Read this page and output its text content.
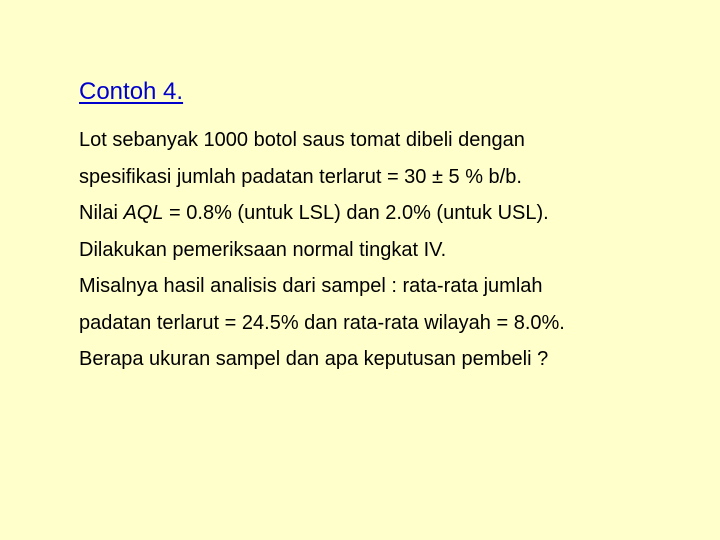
Contoh 4.
Lot sebanyak 1000 botol saus tomat dibeli dengan
spesifikasi jumlah padatan terlarut = 30 ± 5 % b/b.
Nilai AQL = 0.8% (untuk LSL) dan 2.0% (untuk USL).
Dilakukan pemeriksaan normal tingkat IV.
Misalnya hasil analisis dari sampel : rata-rata jumlah
padatan terlarut = 24.5% dan rata-rata wilayah = 8.0%.
Berapa ukuran sampel dan apa keputusan pembeli ?
